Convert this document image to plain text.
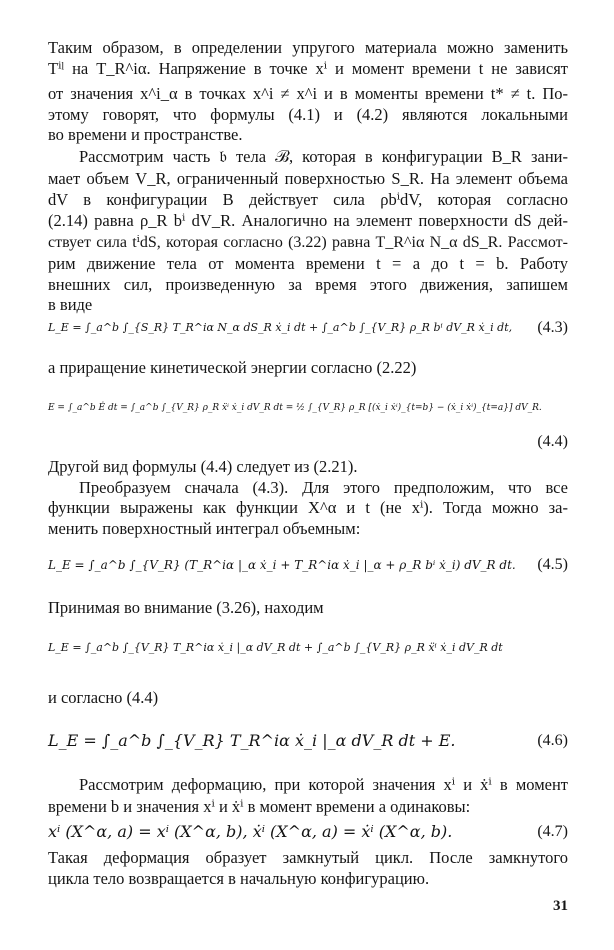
Таким образом, в определении упругого материала можно заменить
Tⁱˡ на T_R^iα. Напряжение в точке xⁱ и момент времени t не зависят
от значения x^i_α в точках x^i ≠ x^i и в моменты времени t* ≠ t. По-
этому говорят, что формулы (4.1) и (4.2) являются локальными
во времени и пространстве.
Рассмотрим часть 𝔟 тела ℬ, которая в конфигурации B_R зани-
мает объем V_R, ограниченный поверхностью S_R. На элемент объема
dV в конфигурации B действует сила ρbⁱdV, которая согласно
(2.14) равна ρ_R bⁱ dV_R. Аналогично на элемент поверхности dS дей-
ствует сила tⁱdS, которая согласно (3.22) равна T_R^iα N_α dS_R. Рассмот-
рим движение тела от момента времени t = a до t = b. Работу
внешних сил, произведенную за время этого движения, запишем
в виде
L_E = ∫_a^b ∫_{S_R} T_R^iα N_α dS_R ẋ_i dt + ∫_a^b ∫_{V_R} ρ_R bⁱ dV_R ẋ_i dt,	(4.3)
а приращение кинетической энергии согласно (2.22)
E = ∫_a^b Ė dt = ∫_a^b ∫_{V_R} ρ_R ẍⁱ ẋ_i dV_R dt = ½ ∫_{V_R} ρ_R [(ẋ_i ẋⁱ)_{t=b} − (ẋ_i ẋⁱ)_{t=a}] dV_R.
(4.4)
Другой вид формулы (4.4) следует из (2.21).
Преобразуем сначала (4.3). Для этого предположим, что все
функции выражены как функции X^α и t (не xⁱ). Тогда можно за-
менить поверхностный интеграл объемным:
L_E = ∫_a^b ∫_{V_R} (T_R^iα |_α ẋ_i + T_R^iα ẋ_i |_α + ρ_R bⁱ ẋ_i) dV_R dt.	(4.5)
Принимая во внимание (3.26), находим
L_E = ∫_a^b ∫_{V_R} T_R^iα ẋ_i |_α dV_R dt + ∫_a^b ∫_{V_R} ρ_R ẍⁱ ẋ_i dV_R dt
и согласно (4.4)
L_E = ∫_a^b ∫_{V_R} T_R^iα ẋ_i |_α dV_R dt + E.	(4.6)
Рассмотрим деформацию, при которой значения xⁱ и ẋⁱ в момент
времени b и значения xⁱ и ẋⁱ в момент времени a одинаковы:
xⁱ (X^α, a) = xⁱ (X^α, b), ẋⁱ (X^α, a) = ẋⁱ (X^α, b).	(4.7)
Такая деформация образует замкнутый цикл. После замкнутого
цикла тело возвращается в начальную конфигурацию.
31
